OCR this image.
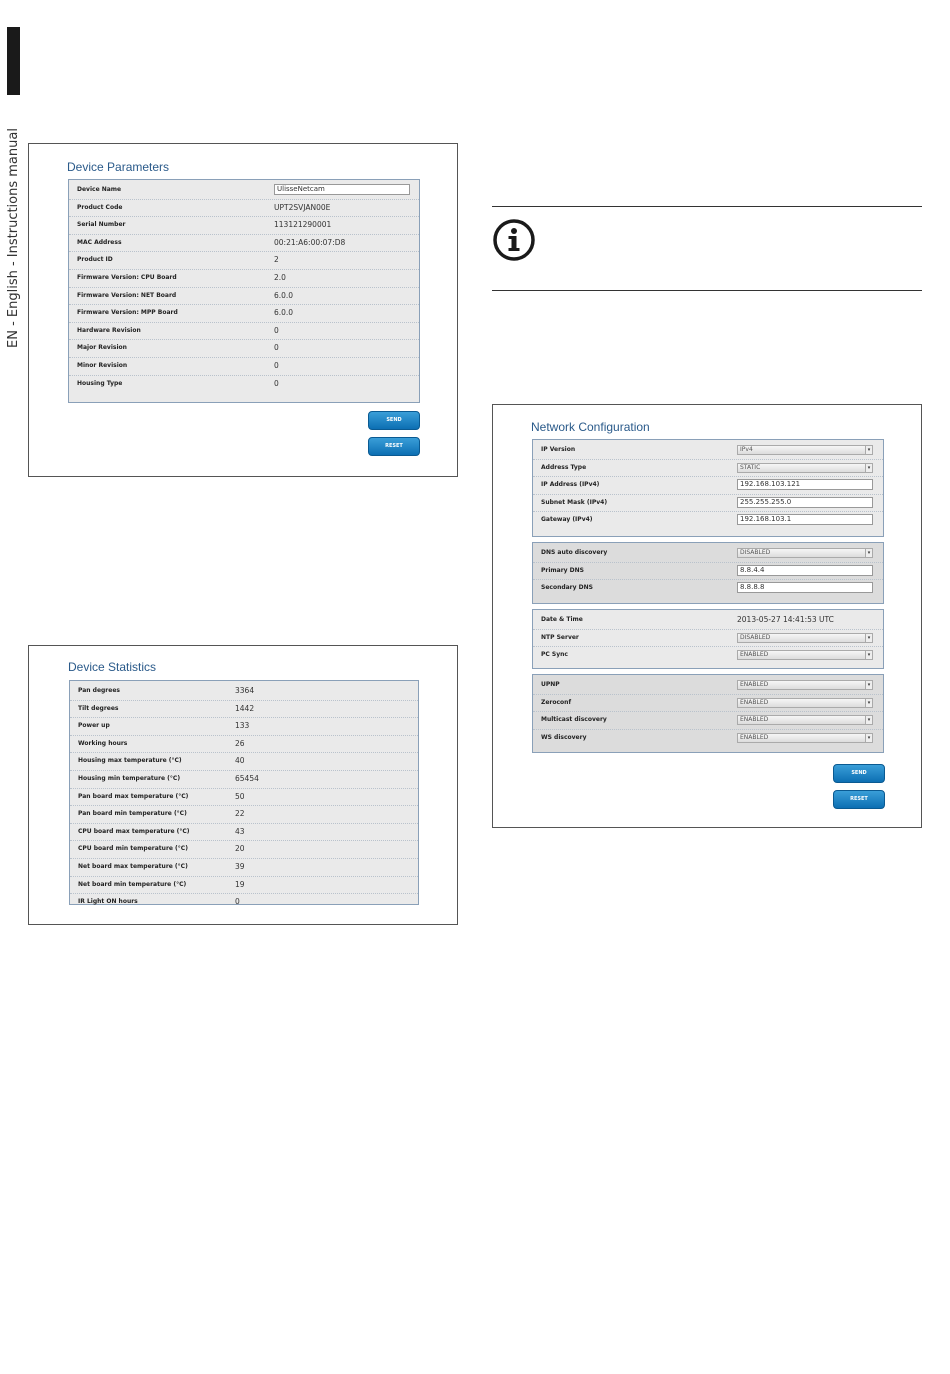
EN - English - Instructions manual	Device Parameters
Device Name	UlisseNetcam
Product Code	UPT2SVJAN00E
Serial Number	113121290001
MAC Address	00:21:A6:00:07:D8
Product ID	2
Firmware Version: CPU Board	2.0
Firmware Version: NET Board	6.0.0
Firmware Version: MPP Board	6.0.0
Hardware Revision	0
Major Revision	0
Minor Revision	0
Housing Type	0
SEND
RESET
Device Statistics
Pan degrees	3364
Tilt degrees	1442
Power up	133
Working hours	26
Housing max temperature (°C)	40
Housing min temperature (°C)	65454
Pan board max temperature (°C)	50
Pan board min temperature (°C)	22
CPU board max temperature (°C)	43
CPU board min temperature (°C)	20
Net board max temperature (°C)	39
Net board min temperature (°C)	19
IR Light ON hours	0
Network Configuration
IP Version	IPv4	▾
Address Type	STATIC	▾
IP Address (IPv4)	192.168.103.121
Subnet Mask (IPv4)	255.255.255.0
Gateway (IPv4)	192.168.103.1
DNS auto discovery	DISABLED	▾
Primary DNS	8.8.4.4
Secondary DNS	8.8.8.8
Date & Time	2013-05-27 14:41:53 UTC
NTP Server	DISABLED	▾
PC Sync	ENABLED	▾
UPNP	ENABLED	▾
Zeroconf	ENABLED	▾
Multicast discovery	ENABLED	▾
WS discovery	ENABLED	▾
SEND
RESET
